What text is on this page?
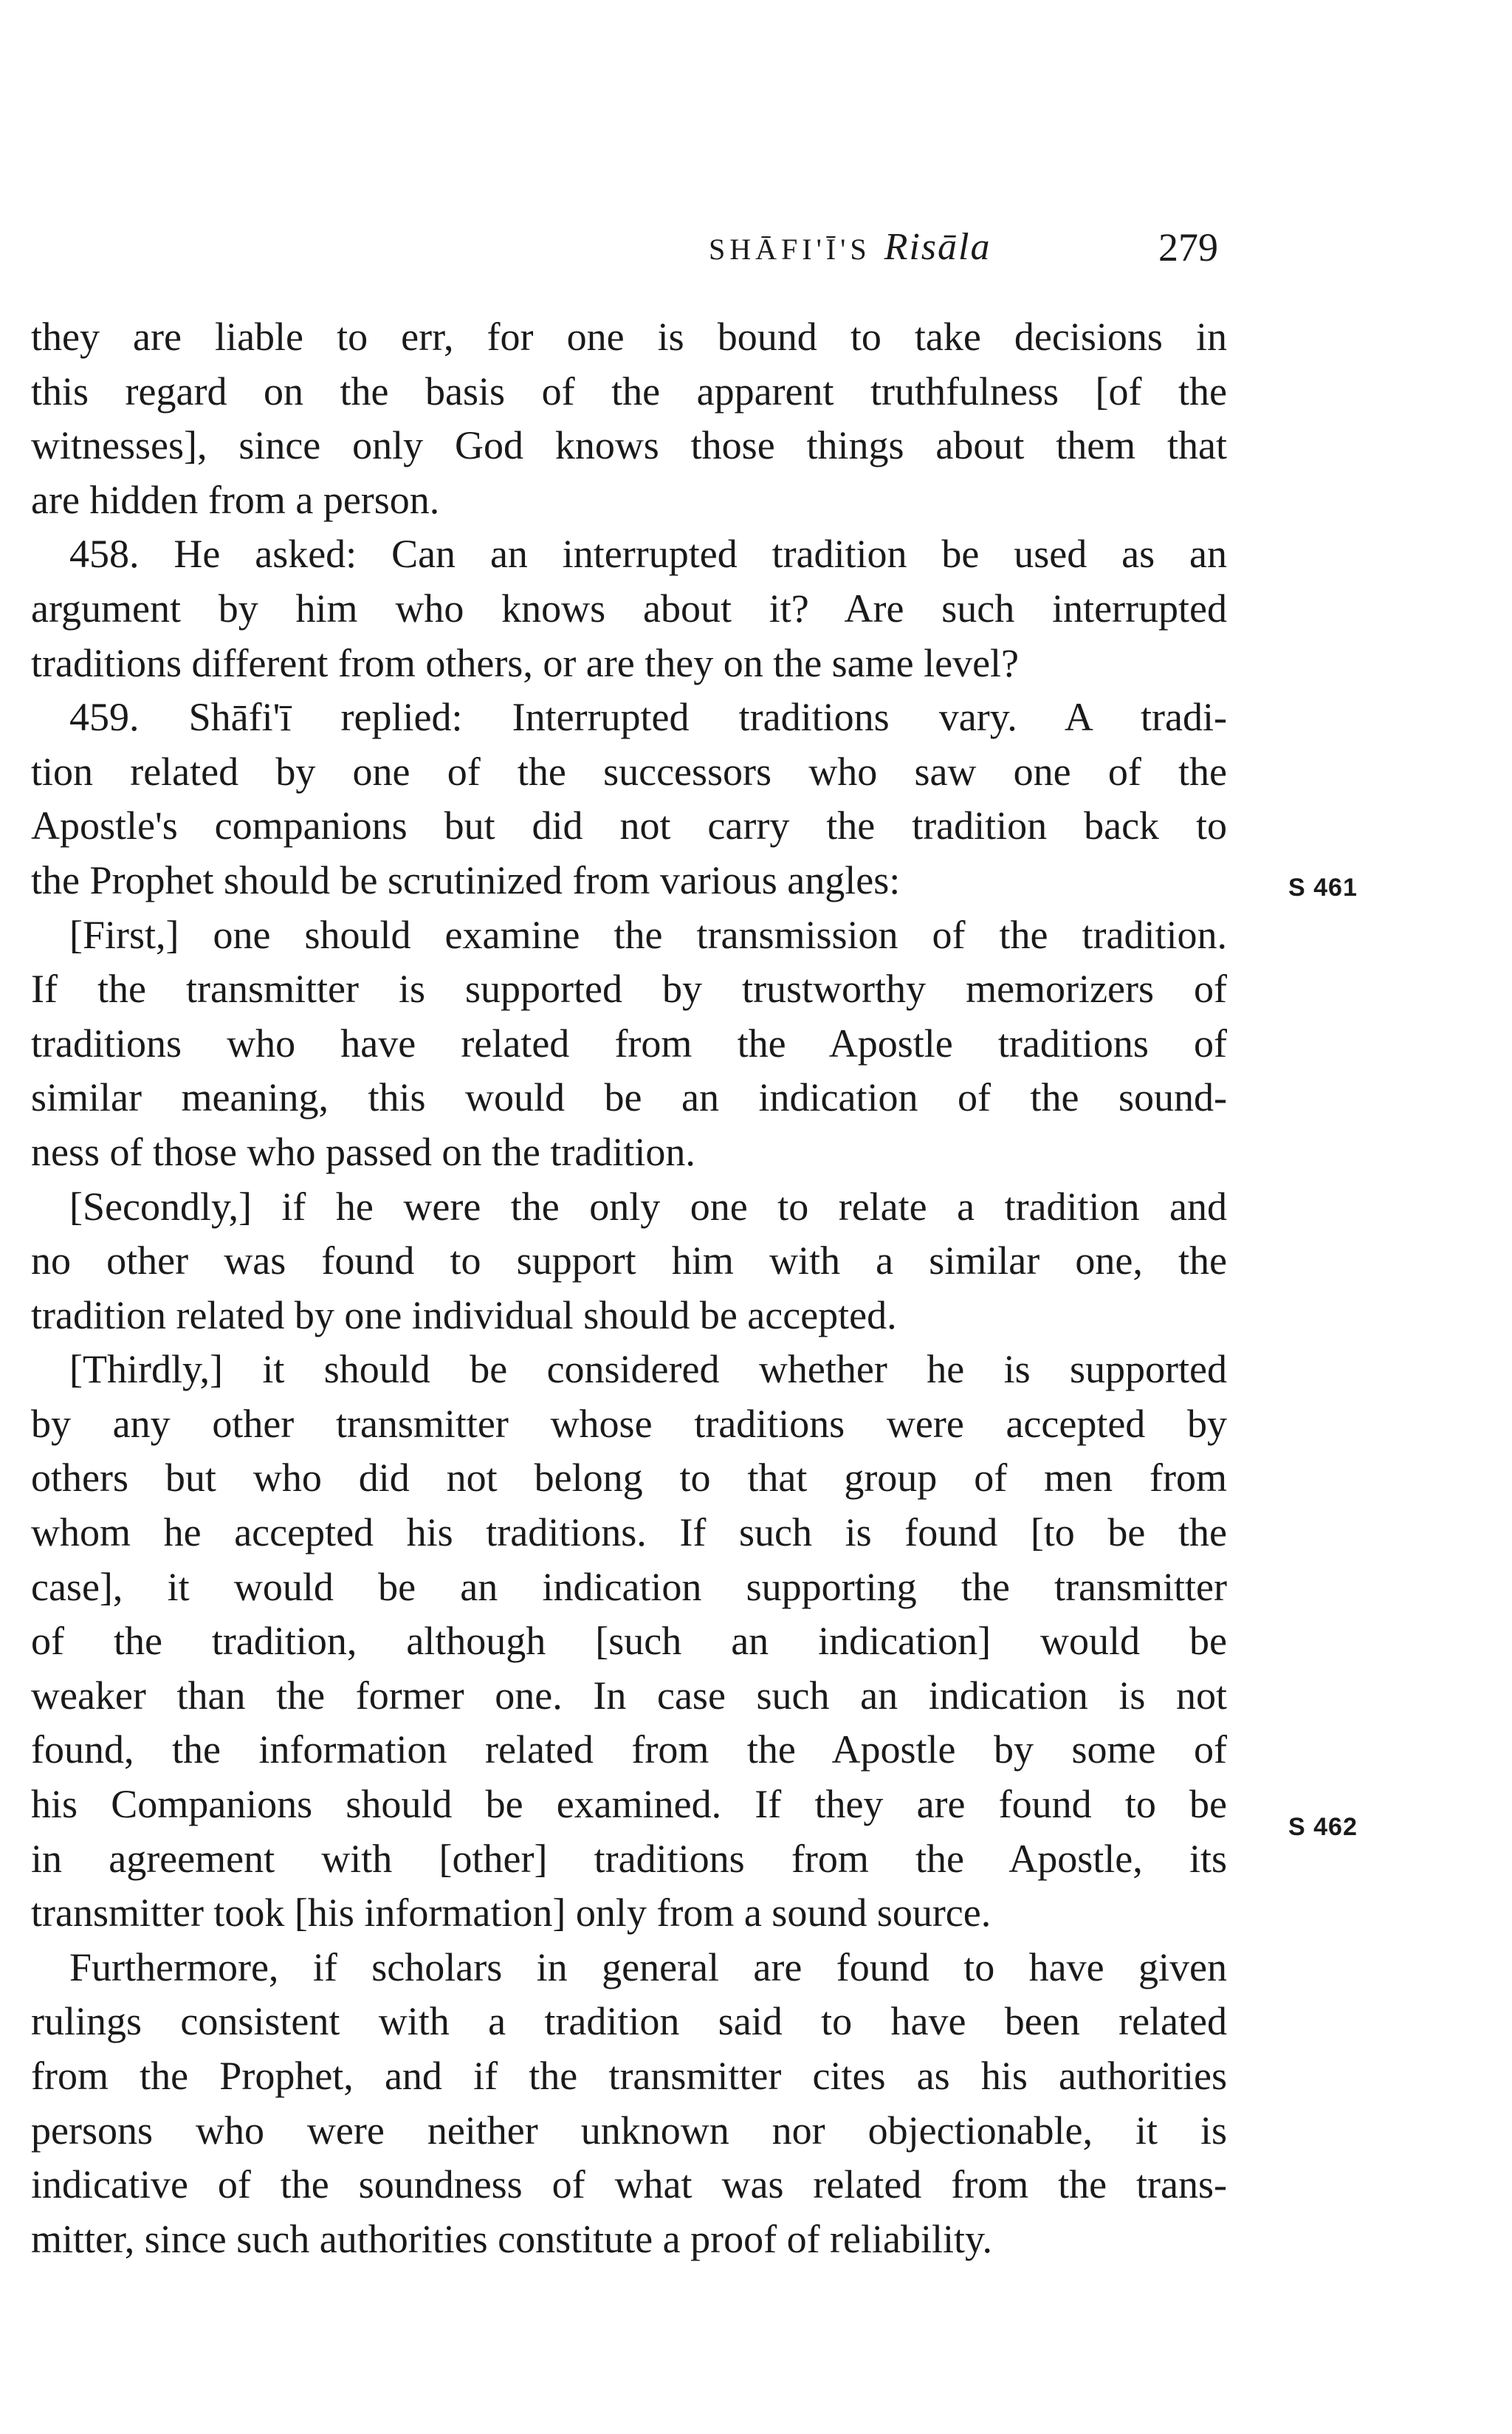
SHĀFI'Ī'S Risāla	279
they are liable to err, for one is bound to take decisions in
this regard on the basis of the apparent truthfulness [of the
witnesses], since only God knows those things about them that
are hidden from a person.
458. He asked: Can an interrupted tradition be used as an
argument by him who knows about it? Are such interrupted
traditions different from others, or are they on the same level?
459. Shāfi'ī replied: Interrupted traditions vary. A tradi-
tion related by one of the successors who saw one of the
Apostle's companions but did not carry the tradition back to
the Prophet should be scrutinized from various angles:
[First,] one should examine the transmission of the tradition.
If the transmitter is supported by trustworthy memorizers of
traditions who have related from the Apostle traditions of
similar meaning, this would be an indication of the sound-
ness of those who passed on the tradition.
[Secondly,] if he were the only one to relate a tradition and
no other was found to support him with a similar one, the
tradition related by one individual should be accepted.
[Thirdly,] it should be considered whether he is supported
by any other transmitter whose traditions were accepted by
others but who did not belong to that group of men from
whom he accepted his traditions. If such is found [to be the
case], it would be an indication supporting the transmitter
of the tradition, although [such an indication] would be
weaker than the former one. In case such an indication is not
found, the information related from the Apostle by some of
his Companions should be examined. If they are found to be
in agreement with [other] traditions from the Apostle, its
transmitter took [his information] only from a sound source.
Furthermore, if scholars in general are found to have given
rulings consistent with a tradition said to have been related
from the Prophet, and if the transmitter cites as his authorities
persons who were neither unknown nor objectionable, it is
indicative of the soundness of what was related from the trans-
mitter, since such authorities constitute a proof of reliability.
S 461
S 462
